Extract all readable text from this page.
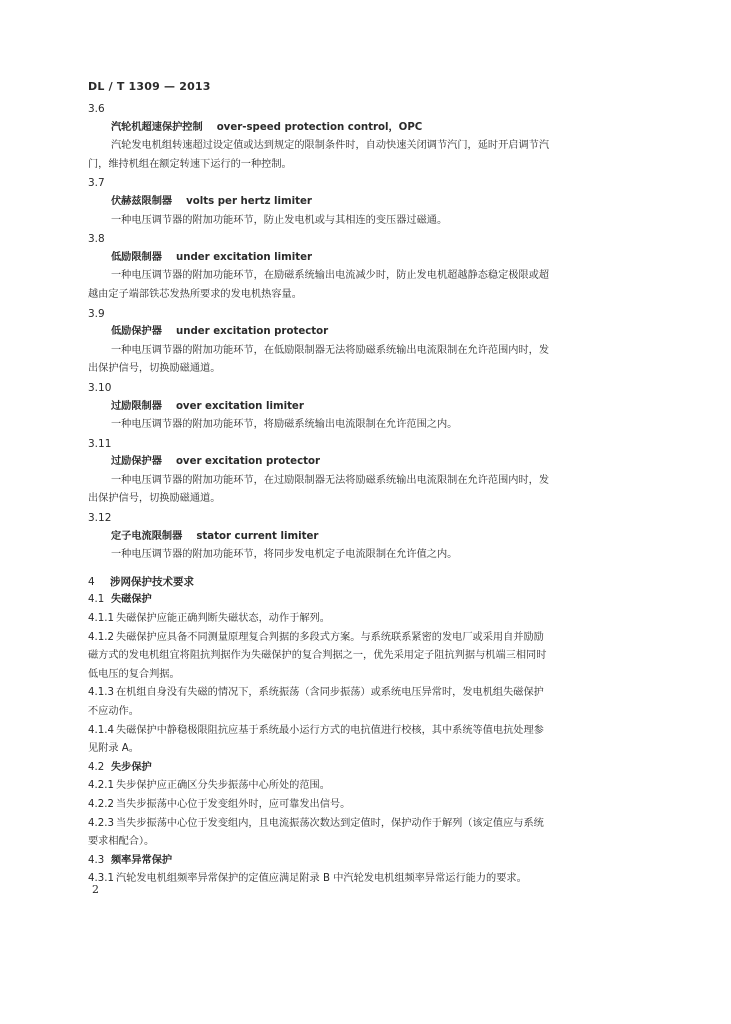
DL / T 1309 — 2013
3.6
汽轮机超速保护控制 over-speed protection control，OPC
汽轮发电机组转速超过设定值或达到规定的限制条件时，自动快速关闭调节汽门，延时开启调节汽
门，维持机组在额定转速下运行的一种控制。
3.7
伏赫兹限制器 volts per hertz limiter
一种电压调节器的附加功能环节，防止发电机或与其相连的变压器过磁通。
3.8
低励限制器 under excitation limiter
一种电压调节器的附加功能环节，在励磁系统输出电流减少时，防止发电机超越静态稳定极限或超
越由定子端部铁芯发热所要求的发电机热容量。
3.9
低励保护器 under excitation protector
一种电压调节器的附加功能环节，在低励限制器无法将励磁系统输出电流限制在允许范围内时，发
出保护信号，切换励磁通道。
3.10
过励限制器 over excitation limiter
一种电压调节器的附加功能环节，将励磁系统输出电流限制在允许范围之内。
3.11
过励保护器 over excitation protector
一种电压调节器的附加功能环节，在过励限制器无法将励磁系统输出电流限制在允许范围内时，发
出保护信号，切换励磁通道。
3.12
定子电流限制器 stator current limiter
一种电压调节器的附加功能环节，将同步发电机定子电流限制在允许值之内。
4 涉网保护技术要求
4.1 失磁保护
4.1.1 失磁保护应能正确判断失磁状态，动作于解列。
4.1.2 失磁保护应具备不同测量原理复合判据的多段式方案。与系统联系紧密的发电厂或采用自并励励
磁方式的发电机组宜将阻抗判据作为失磁保护的复合判据之一，优先采用定子阻抗判据与机端三相同时
低电压的复合判据。
4.1.3 在机组自身没有失磁的情况下，系统振荡（含同步振荡）或系统电压异常时，发电机组失磁保护
不应动作。
4.1.4 失磁保护中静稳极限阻抗应基于系统最小运行方式的电抗值进行校核，其中系统等值电抗处理参
见附录 A。
4.2 失步保护
4.2.1 失步保护应正确区分失步振荡中心所处的范围。
4.2.2 当失步振荡中心位于发变组外时，应可靠发出信号。
4.2.3 当失步振荡中心位于发变组内，且电流振荡次数达到定值时，保护动作于解列（该定值应与系统
要求相配合）。
4.3 频率异常保护
4.3.1 汽轮发电机组频率异常保护的定值应满足附录 B 中汽轮发电机组频率异常运行能力的要求。
2
